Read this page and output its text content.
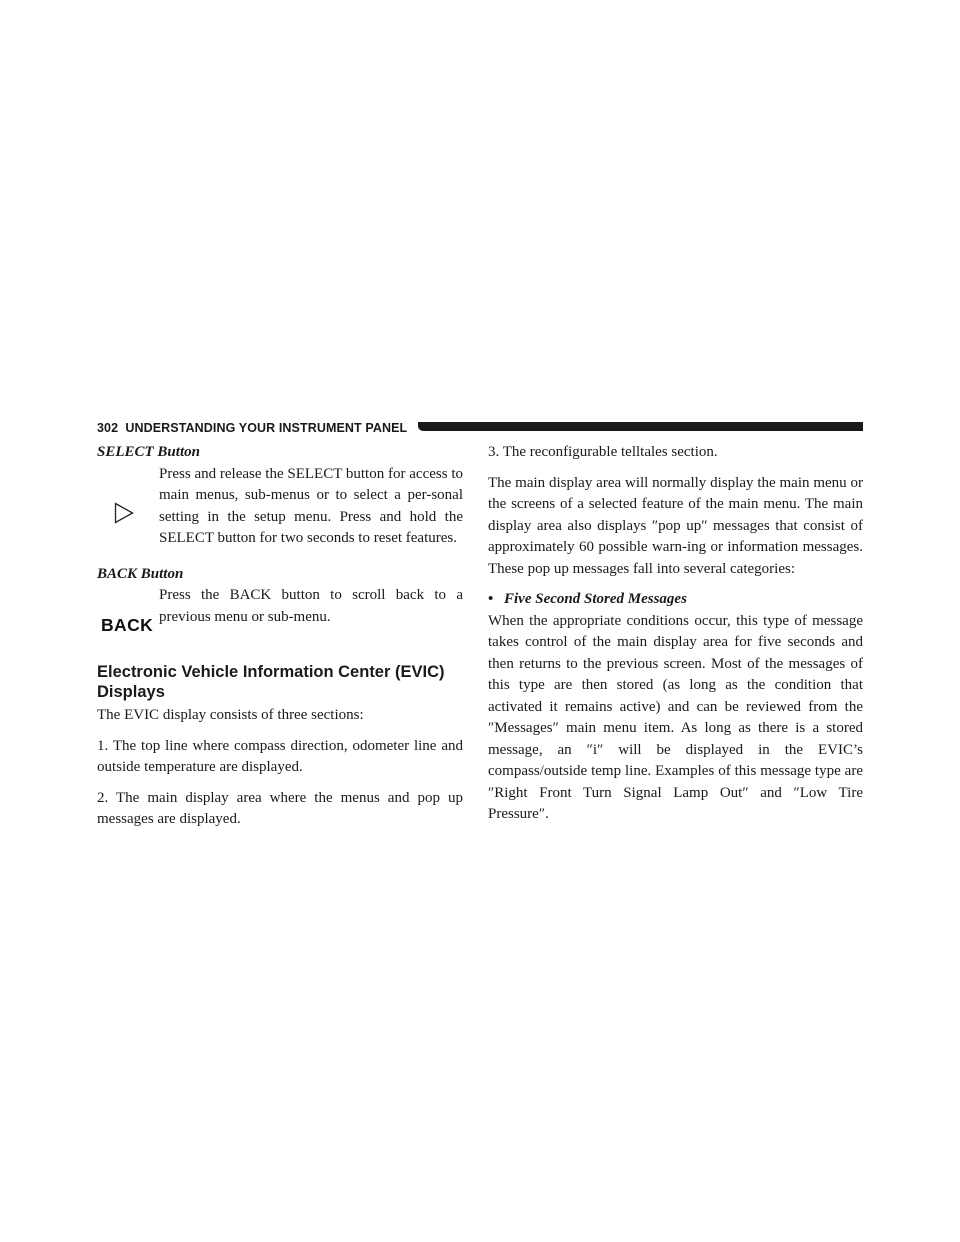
302 UNDERSTANDING YOUR INSTRUMENT PANEL

SELECT Button

Press and release the SELECT button for access to main menus, sub-menus or to select a per-sonal setting in the setup menu. Press and hold the SELECT button for two seconds to reset features.

BACK Button

BACK

Press the BACK button to scroll back to a previous menu or sub-menu.

Electronic Vehicle Information Center (EVIC) Displays

The EVIC display consists of three sections:

1. The top line where compass direction, odometer line and outside temperature are displayed.

2. The main display area where the menus and pop up messages are displayed.

3. The reconfigurable telltales section.

The main display area will normally display the main menu or the screens of a selected feature of the main menu. The main display area also displays ″pop up″ messages that consist of approximately 60 possible warn-ing or information messages. These pop up messages fall into several categories:

• Five Second Stored Messages

When the appropriate conditions occur, this type of message takes control of the main display area for five seconds and then returns to the previous screen. Most of the messages of this type are then stored (as long as the condition that activated it remains active) and can be reviewed from the ″Messages″ main menu item. As long as there is a stored message, an ″i″ will be displayed in the EVIC’s compass/outside temp line. Examples of this message type are ″Right Front Turn Signal Lamp Out″ and ″Low Tire Pressure″.
